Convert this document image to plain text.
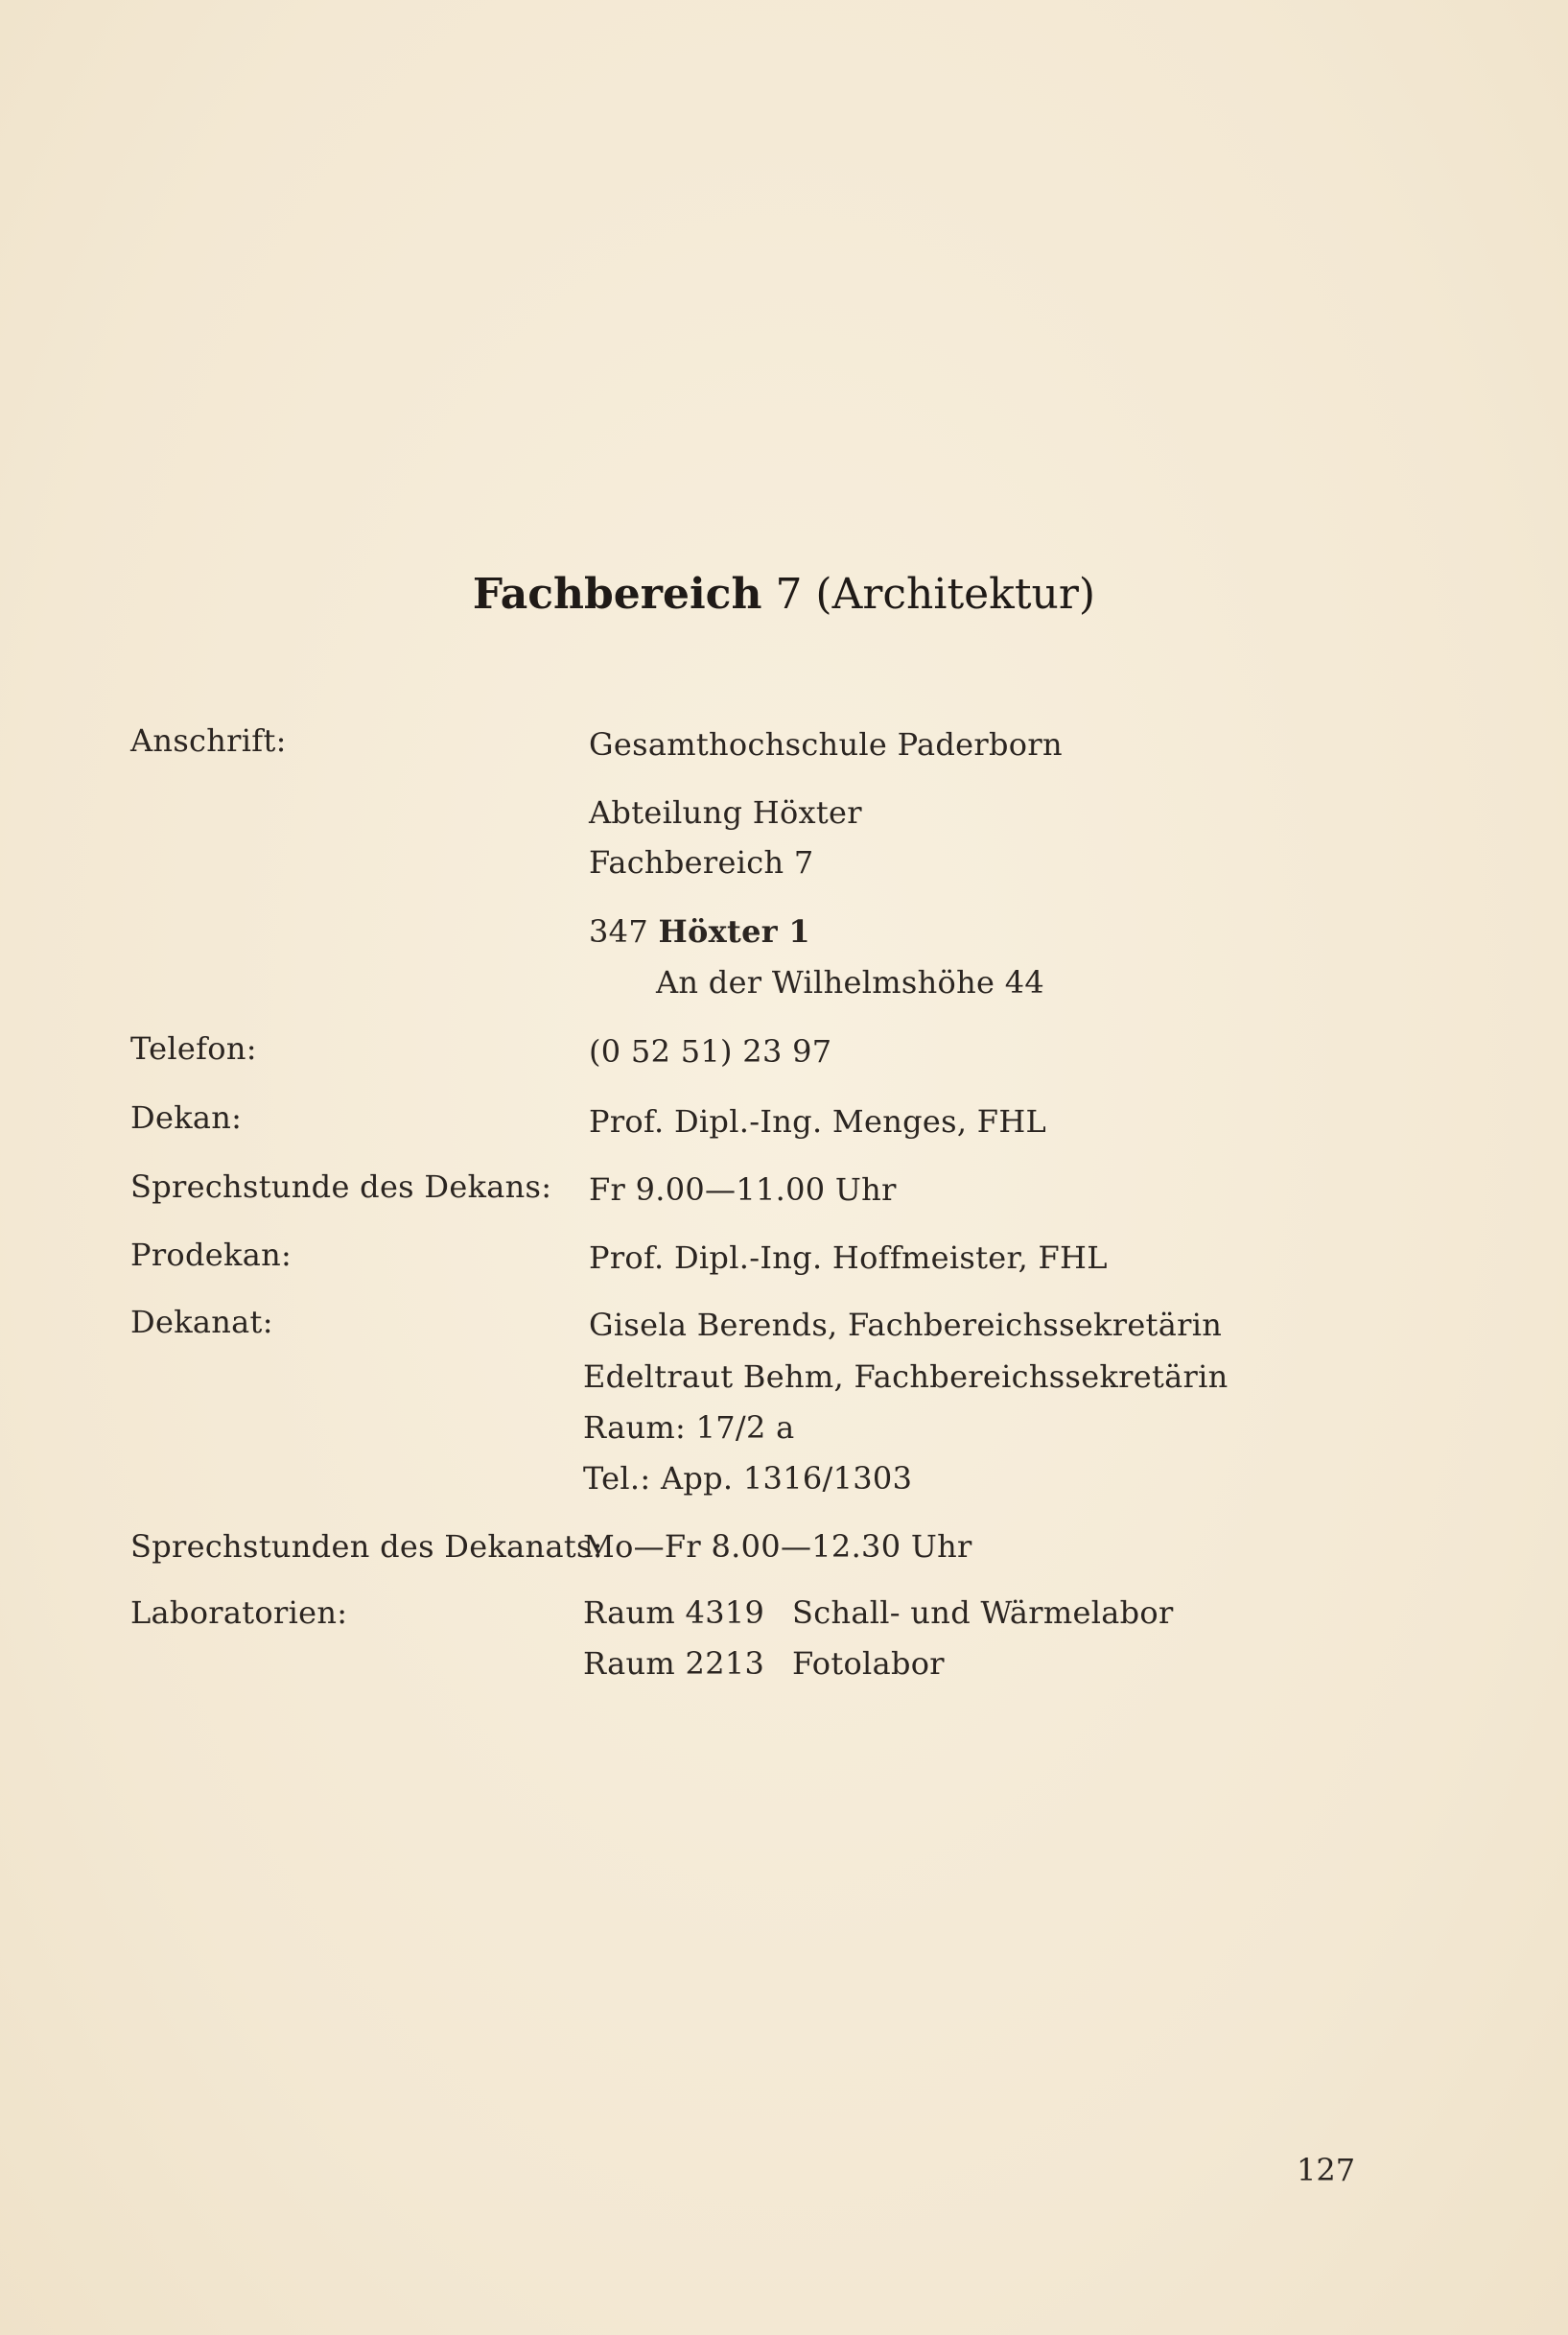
Fachbereich 7 (Architektur)
Anschrift:	Gesamthochschule Paderborn
Abteilung Höxter
Fachbereich 7
347 Höxter 1
An der Wilhelmshöhe 44
Telefon:	(0 52 51) 23 97
Dekan:	Prof. Dipl.-Ing. Menges, FHL
Sprechstunde des Dekans: Fr 9.00—11.00 Uhr
Prodekan:	Prof. Dipl.-Ing. Hoffmeister, FHL
Dekanat:	Gisela Berends, Fachbereichssekretärin
Edeltraut Behm, Fachbereichssekretärin
Raum: 17/2 a
Tel.: App. 1316/1303
Sprechstunden des Dekanats:
Mo—Fr 8.00—12.30 Uhr
Laboratorien:	Raum 4319 Schall- und Wärmelabor
Raum 2213 Fotolabor
127
